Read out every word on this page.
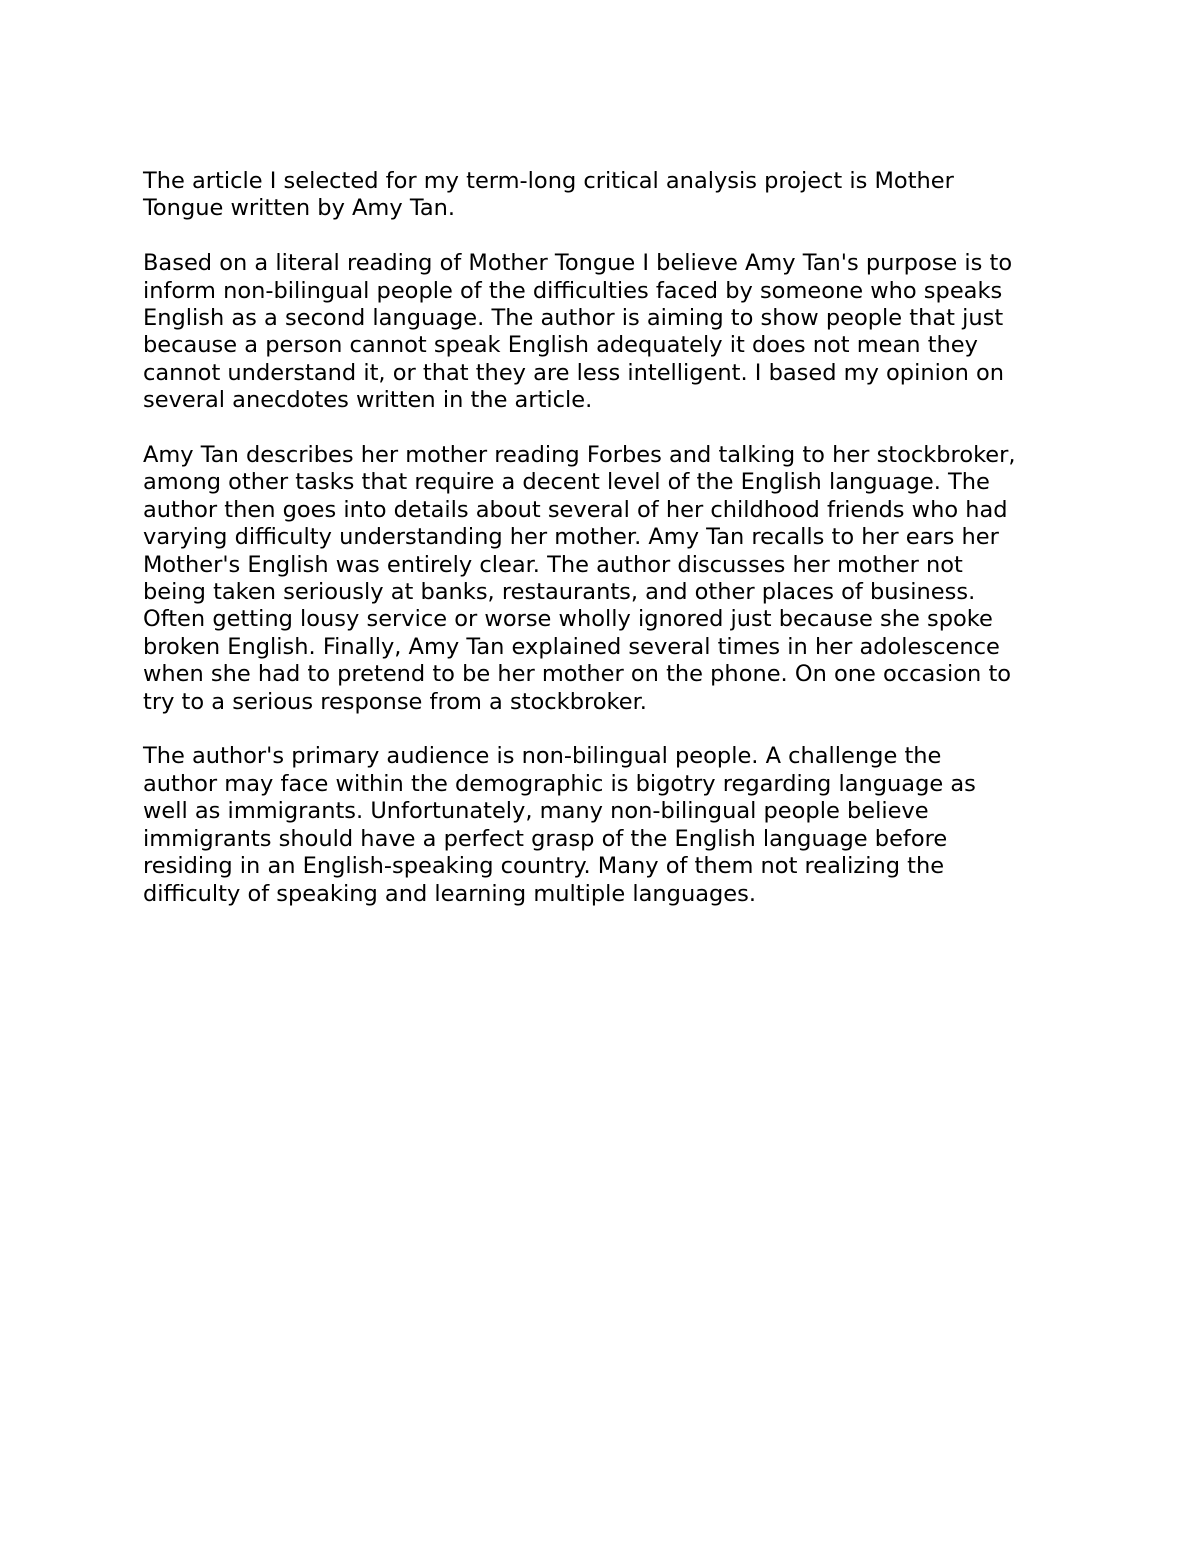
The article I selected for my term-long critical analysis project is Mother
Tongue written by Amy Tan.

Based on a literal reading of Mother Tongue I believe Amy Tan's purpose is to
inform non-bilingual people of the difficulties faced by someone who speaks
English as a second language. The author is aiming to show people that just
because a person cannot speak English adequately it does not mean they
cannot understand it, or that they are less intelligent. I based my opinion on
several anecdotes written in the article.

Amy Tan describes her mother reading Forbes and talking to her stockbroker,
among other tasks that require a decent level of the English language. The
author then goes into details about several of her childhood friends who had
varying difficulty understanding her mother. Amy Tan recalls to her ears her
Mother's English was entirely clear. The author discusses her mother not
being taken seriously at banks, restaurants, and other places of business.
Often getting lousy service or worse wholly ignored just because she spoke
broken English. Finally, Amy Tan explained several times in her adolescence
when she had to pretend to be her mother on the phone. On one occasion to
try to a serious response from a stockbroker.

The author's primary audience is non-bilingual people. A challenge the
author may face within the demographic is bigotry regarding language as
well as immigrants. Unfortunately, many non-bilingual people believe
immigrants should have a perfect grasp of the English language before
residing in an English-speaking country. Many of them not realizing the
difficulty of speaking and learning multiple languages.
